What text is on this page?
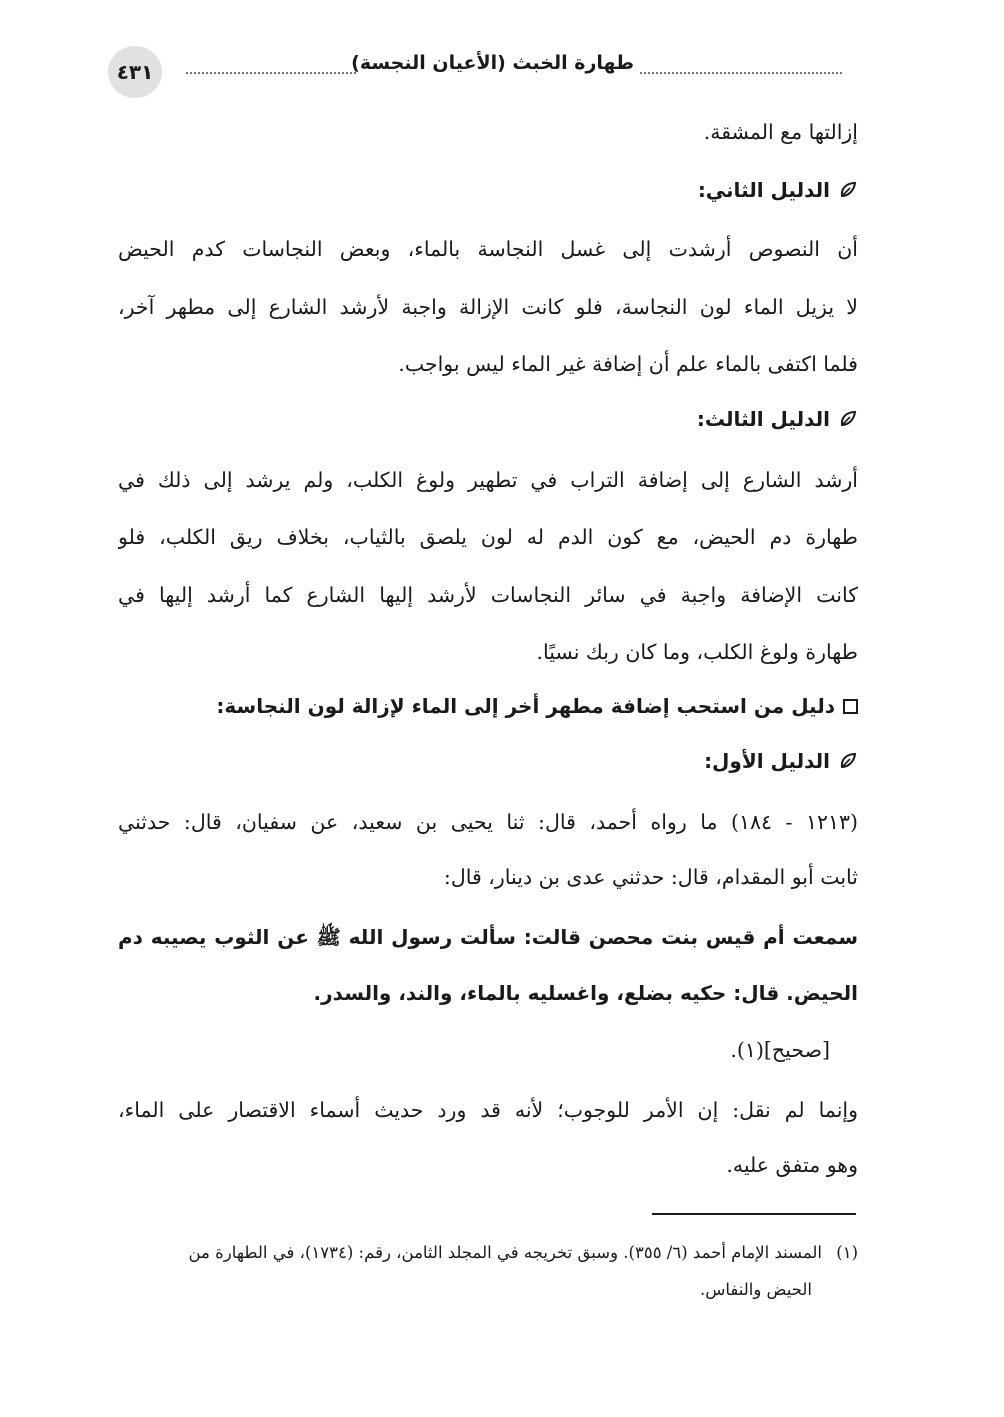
٤٣١	طهارة الخبث (الأعيان النجسة)
إزالتها مع المشقة.
الدليل الثاني:
أن النصوص أرشدت إلى غسل النجاسة بالماء، وبعض النجاسات كدم الحيض
لا يزيل الماء لون النجاسة، فلو كانت الإزالة واجبة لأرشد الشارع إلى مطهر آخر،
فلما اكتفى بالماء علم أن إضافة غير الماء ليس بواجب.
الدليل الثالث:
أرشد الشارع إلى إضافة التراب في تطهير ولوغ الكلب، ولم يرشد إلى ذلك في
طهارة دم الحيض، مع كون الدم له لون يلصق بالثياب، بخلاف ريق الكلب، فلو
كانت الإضافة واجبة في سائر النجاسات لأرشد إليها الشارع كما أرشد إليها في
طهارة ولوغ الكلب، وما كان ربك نسيًا.
دليل من استحب إضافة مطهر أخر إلى الماء لإزالة لون النجاسة:
الدليل الأول:
(١٢١٣ - ١٨٤) ما رواه أحمد، قال: ثنا يحيى بن سعيد، عن سفيان، قال: حدثني
ثابت أبو المقدام، قال: حدثني عدى بن دينار، قال:
سمعت أم قيس بنت محصن قالت: سألت رسول الله ﷺ عن الثوب يصيبه دم
الحيض. قال: حكيه بضلع، واغسليه بالماء، والند، والسدر.
[صحيح](١).
وإنما لم نقل: إن الأمر للوجوب؛ لأنه قد ورد حديث أسماء الاقتصار على الماء،
وهو متفق عليه.
(١)المسند الإمام أحمد (٦/ ٣٥٥). وسبق تخريجه في المجلد الثامن، رقم: (١٧٣٤)، في الطهارة من
الحيض والنفاس.
